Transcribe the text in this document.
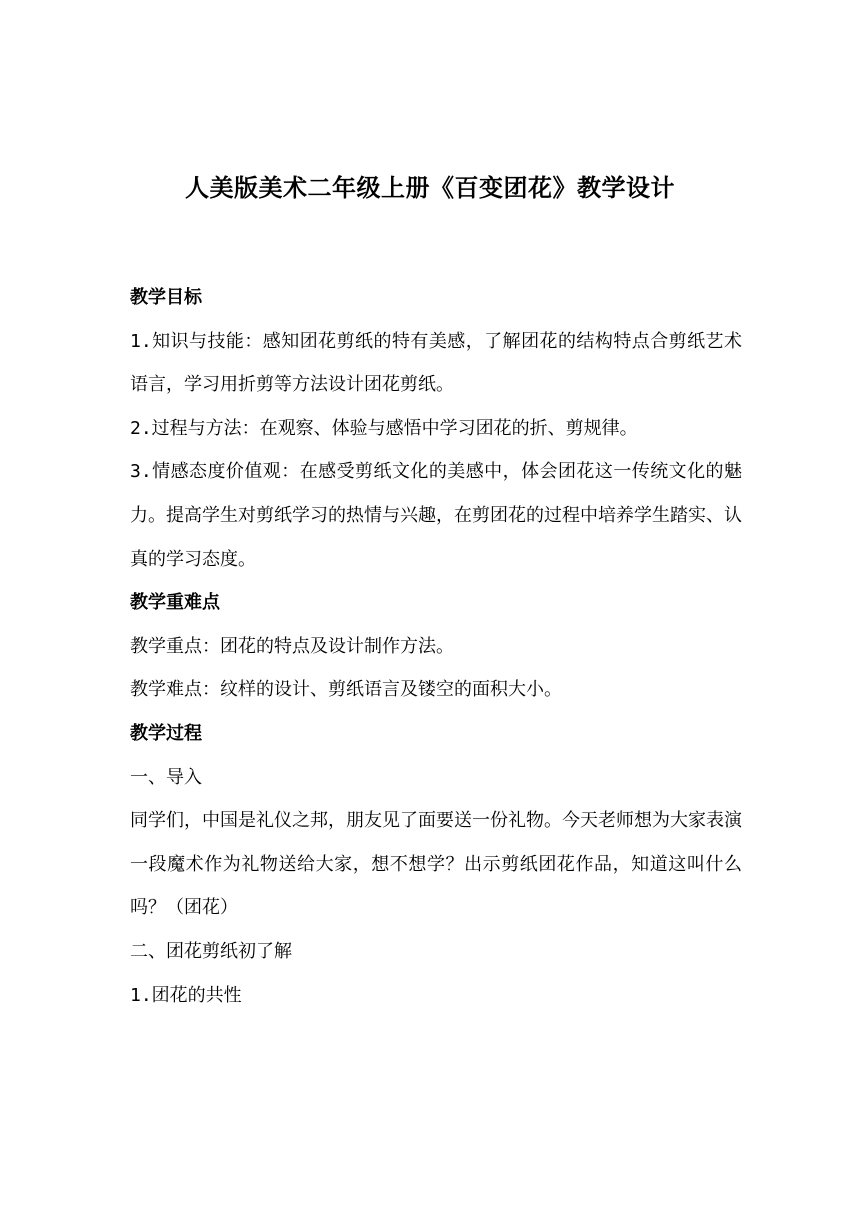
人美版美术二年级上册《百变团花》教学设计

教学目标

1.知识与技能：感知团花剪纸的特有美感，了解团花的结构特点合剪纸艺术语言，学习用折剪等方法设计团花剪纸。

2.过程与方法：在观察、体验与感悟中学习团花的折、剪规律。

3.情感态度价值观：在感受剪纸文化的美感中，体会团花这一传统文化的魅力。提高学生对剪纸学习的热情与兴趣，在剪团花的过程中培养学生踏实、认真的学习态度。

教学重难点

教学重点：团花的特点及设计制作方法。

教学难点：纹样的设计、剪纸语言及镂空的面积大小。

教学过程

一、导入

同学们，中国是礼仪之邦，朋友见了面要送一份礼物。今天老师想为大家表演一段魔术作为礼物送给大家，想不想学？出示剪纸团花作品，知道这叫什么吗？（团花）

二、团花剪纸初了解

1.团花的共性
